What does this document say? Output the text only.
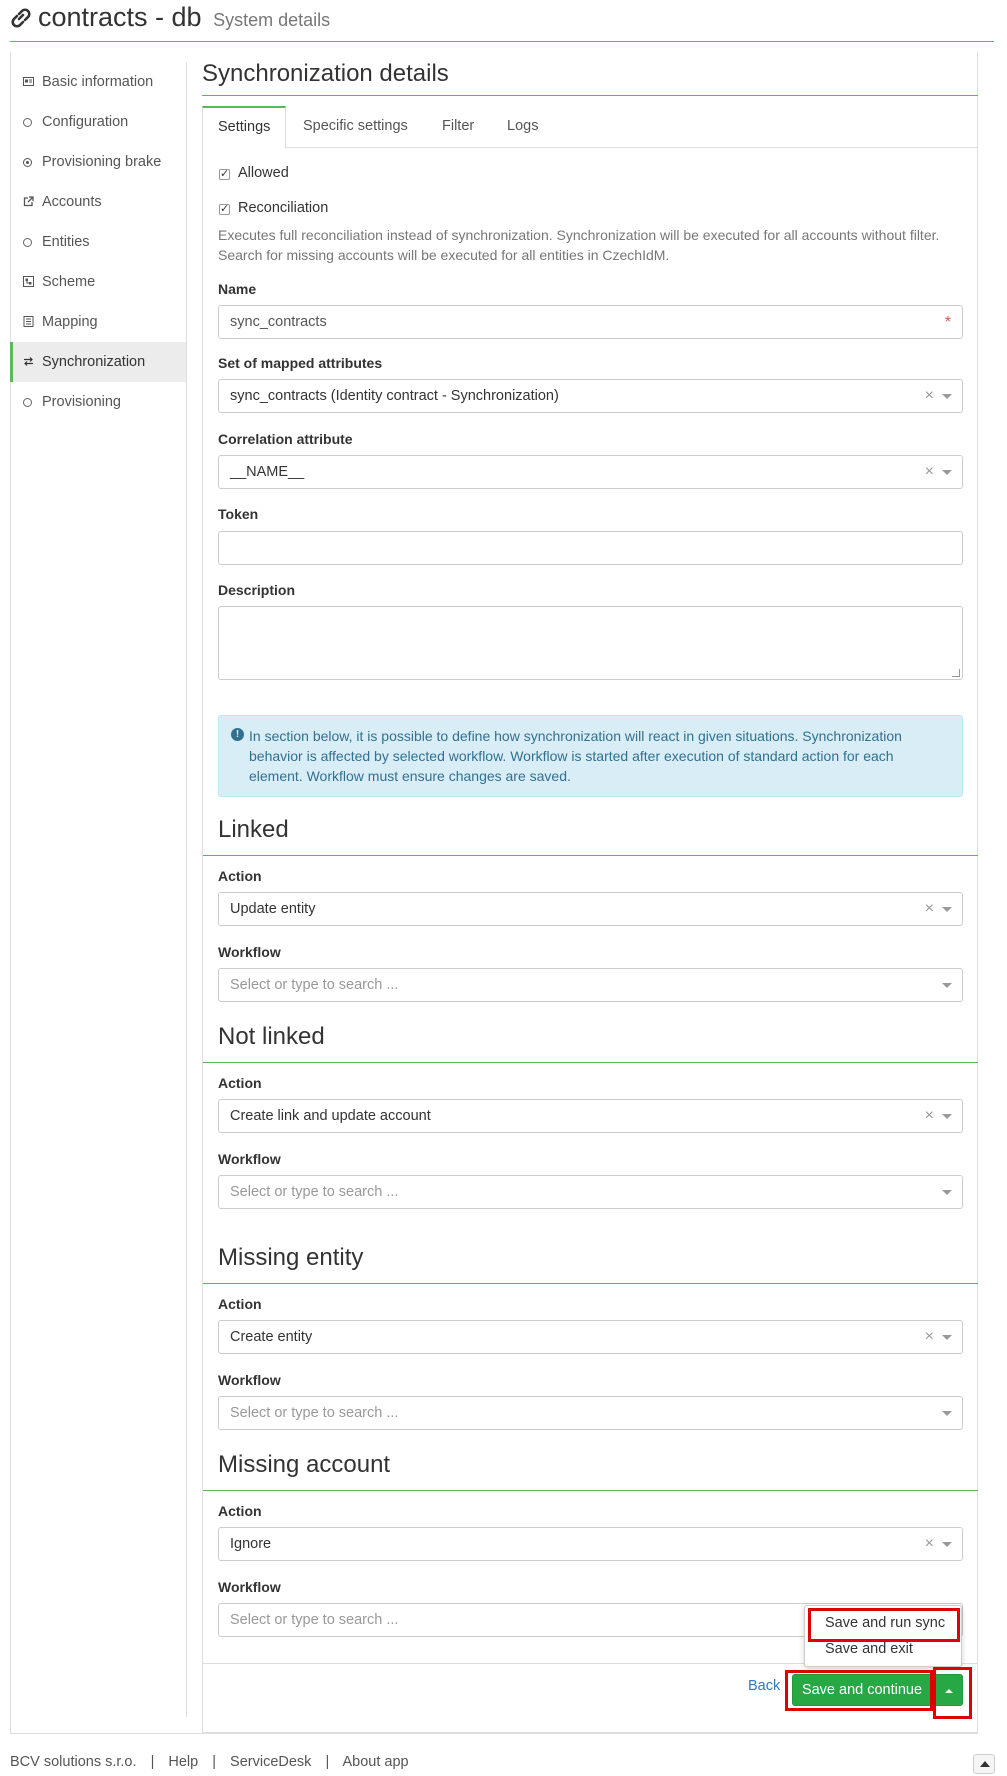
contracts - db System details
Basic information
Configuration
Provisioning brake
Accounts
Entities
Scheme
Mapping
Synchronization
Provisioning
Synchronization details
Settings	Specific settings	Filter	Logs
✓
Allowed
✓
Reconciliation
Executes full reconciliation instead of synchronization. Synchronization will be executed for all accounts without filter. Search for missing accounts will be executed for all entities in CzechIdM.
Name
sync_contracts	*
Set of mapped attributes
sync_contracts (Identity contract - Synchronization)	×
Correlation attribute
__NAME__	×
Token
Description
! In section below, it is possible to define how synchronization will react in given situations. Synchronization behavior is affected by selected workflow. Workflow is started after execution of standard action for each element. Workflow must ensure changes are saved.
Linked
Action
Update entity	×
Workflow
Select or type to search ...
Not linked
Action
Create link and update account	×
Workflow
Select or type to search ...
Missing entity
Action
Create entity	×
Workflow
Select or type to search ...
Missing account
Action
Ignore	×
Workflow
Select or type to search ...
Back	Save and continue
Save and run sync
Save and exit
BCV solutions s.r.o. | Help | ServiceDesk | About app
